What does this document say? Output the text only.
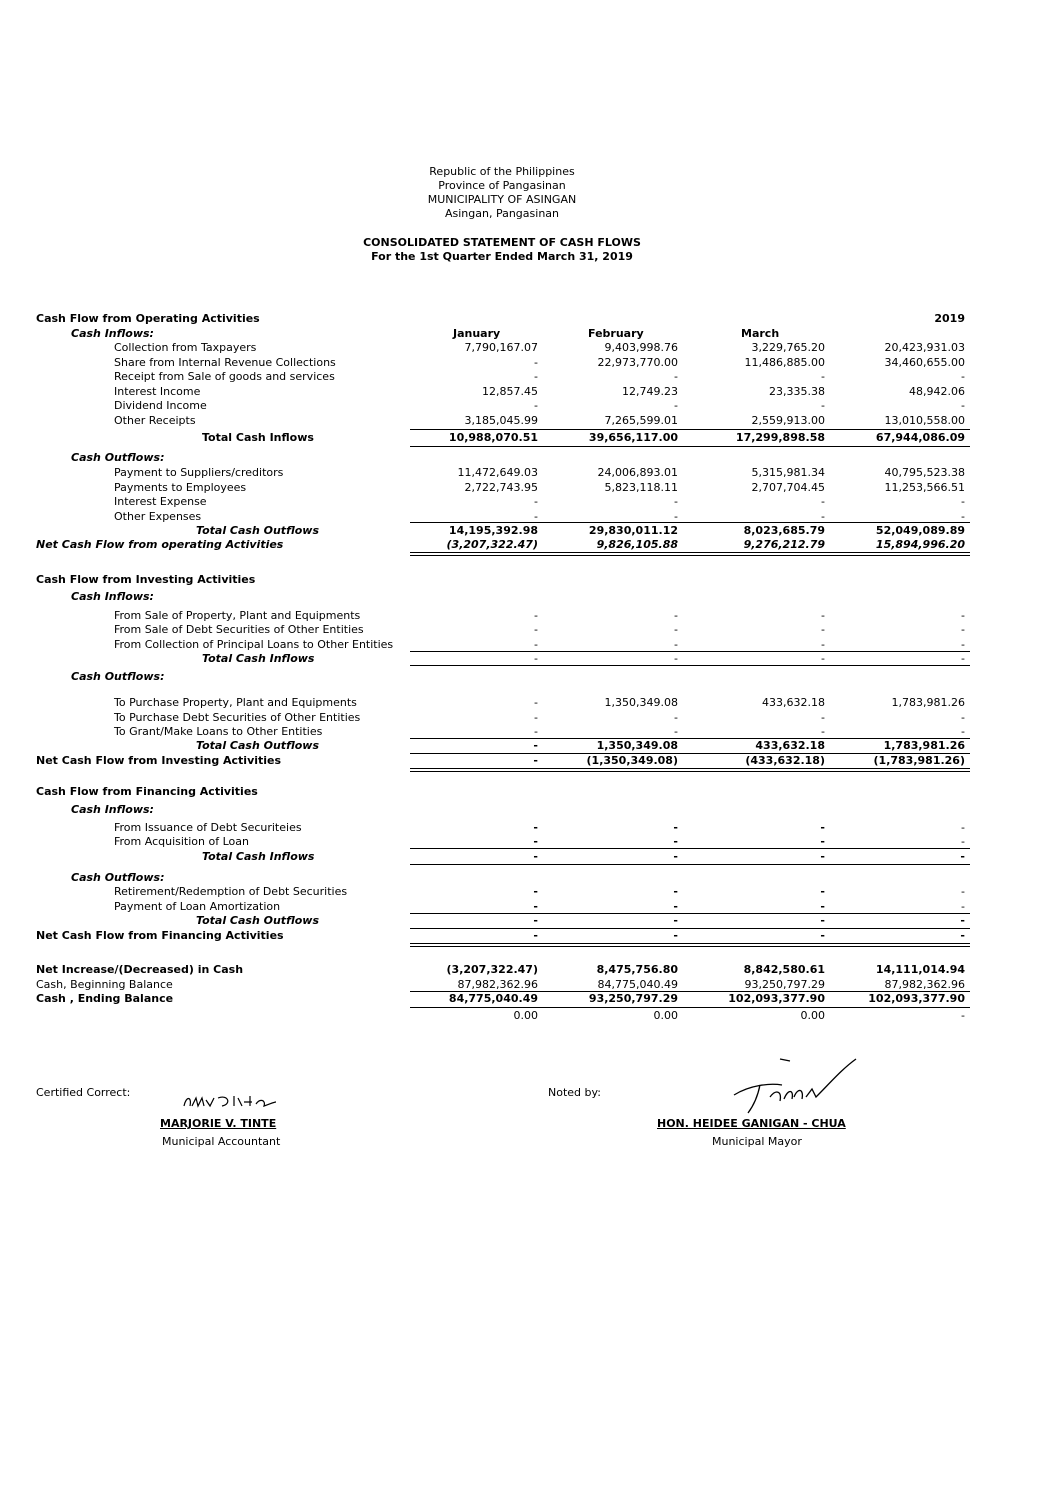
Republic of the Philippines
Province of Pangasinan
MUNICIPALITY OF ASINGAN
Asingan, Pangasinan
CONSOLIDATED STATEMENT OF CASH FLOWS
For the 1st Quarter Ended March 31, 2019
Cash Flow from Operating Activities	2019
Cash Inflows:	January	February	March
Collection from Taxpayers	7,790,167.07	9,403,998.76	3,229,765.20	20,423,931.03
Share from Internal Revenue Collections	-	22,973,770.00	11,486,885.00	34,460,655.00
Receipt from Sale of goods and services	-	-	-	-
Interest Income	12,857.45	12,749.23	23,335.38	48,942.06
Dividend Income	-	-	-	-
Other Receipts	3,185,045.99	7,265,599.01	2,559,913.00	13,010,558.00
Total Cash Inflows	10,988,070.51	39,656,117.00	17,299,898.58	67,944,086.09
Cash Outflows:
Payment to Suppliers/creditors	11,472,649.03	24,006,893.01	5,315,981.34	40,795,523.38
Payments to Employees	2,722,743.95	5,823,118.11	2,707,704.45	11,253,566.51
Interest Expense	-	-	-	-
Other Expenses	-	-	-	-
Total Cash Outflows	14,195,392.98	29,830,011.12	8,023,685.79	52,049,089.89
Net Cash Flow from operating Activities	(3,207,322.47)	9,826,105.88	9,276,212.79	15,894,996.20
Cash Flow from Investing Activities
Cash Inflows:
From Sale of Property, Plant and Equipments	-	-	-	-
From Sale of Debt Securities of Other Entities	-	-	-	-
From Collection of Principal Loans to Other Entities	-	-	-	-
Total Cash Inflows	-	-	-	-
Cash Outflows:
To Purchase Property, Plant and Equipments	-	1,350,349.08	433,632.18	1,783,981.26
To Purchase Debt Securities of Other Entities	-	-	-	-
To Grant/Make Loans to Other Entities	-	-	-	-
Total Cash Outflows	-	1,350,349.08	433,632.18	1,783,981.26
Net Cash Flow from Investing Activities	-	(1,350,349.08)	(433,632.18)	(1,783,981.26)
Cash Flow from Financing Activities
Cash Inflows:
From Issuance of Debt Securiteies	-	-	-	-
From Acquisition of Loan	-	-	-	-
Total Cash Inflows	-	-	-	-
Cash Outflows:
Retirement/Redemption of Debt Securities	-	-	-	-
Payment of Loan Amortization	-	-	-	-
Total Cash Outflows	-	-	-	-
Net Cash Flow from Financing Activities	-	-	-	-
Net Increase/(Decreased) in Cash	(3,207,322.47)	8,475,756.80	8,842,580.61	14,111,014.94
Cash, Beginning Balance	87,982,362.96	84,775,040.49	93,250,797.29	87,982,362.96
Cash , Ending Balance	84,775,040.49	93,250,797.29	102,093,377.90	102,093,377.90
0.00	0.00	0.00	-
Certified Correct:
MARJORIE V. TINTE
Municipal Accountant
Noted by:
HON. HEIDEE GANIGAN - CHUA
Municipal Mayor
